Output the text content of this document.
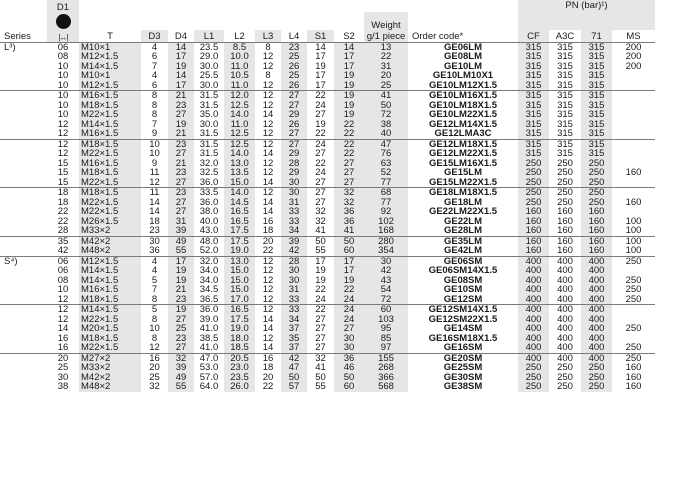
	D1												PN (bar)¹)			
											Weight					
Series	|↔|	T	D3	D4	L1	L2	L3	L4	S1	S2	g/1 piece	Order code*	CF	A3C	71	MS
L³)	06	M10×1	4	14	23.5	8.5	8	23	14	14	13	GE06LM	315	315	315	200
	08	M12×1.5	6	17	29.0	10.0	12	25	17	17	22	GE08LM	315	315	315	200
	10	M14×1.5	7	19	30.0	11.0	12	26	19	17	31	GE10LM	315	315	315	200
	10	M10×1	4	14	25.5	10.5	8	25	17	19	20	GE10LM10X1	315	315	315	
	10	M12×1.5	6	17	30.0	11.0	12	26	17	19	25	GE10LM12X1.5	315	315	315	
	10	M16×1.5	8	21	31.5	12.0	12	27	22	19	41	GE10LM16X1.5	315	315	315	
	10	M18×1.5	8	23	31.5	12.5	12	27	24	19	50	GE10LM18X1.5	315	315	315	
	10	M22×1.5	8	27	35.0	14.0	14	29	27	19	72	GE10LM22X1.5	315	315	315	
	12	M14×1.5	7	19	30.0	11.0	12	26	19	22	38	GE12LM14X1.5	315	315	315	
	12	M16×1.5	9	21	31.5	12.5	12	27	22	22	40	GE12LMA3C	315	315	315	
	12	M18×1.5	10	23	31.5	12.5	12	27	24	22	47	GE12LM18X1.5	315	315	315	
	12	M22×1.5	10	27	31.5	14.0	14	29	27	22	76	GE12LM22X1.5	315	315	315	
	15	M16×1.5	9	21	32.0	13.0	12	28	22	27	63	GE15LM16X1.5	250	250	250	
	15	M18×1.5	11	23	32.5	13.5	12	29	24	27	52	GE15LM	250	250	250	160
	15	M22×1.5	12	27	36.0	15.0	14	30	27	27	77	GE15LM22X1.5	250	250	250	
	18	M18×1.5	11	23	33.5	14.0	12	30	27	32	68	GE18LM18X1.5	250	250	250	
	18	M22×1.5	14	27	36.0	14.5	14	31	27	32	77	GE18LM	250	250	250	160
	22	M22×1.5	14	27	38.0	16.5	14	33	32	36	92	GE22LM22X1.5	160	160	160	
	22	M26×1.5	18	31	40.0	16.5	16	33	32	36	102	GE22LM	160	160	160	100
	28	M33×2	23	39	43.0	17.5	18	34	41	41	168	GE28LM	160	160	160	100
	35	M42×2	30	49	48.0	17.5	20	39	50	50	280	GE35LM	160	160	160	100
	42	M48×2	36	55	52.0	19.0	22	42	55	60	354	GE42LM	160	160	160	100
S⁴)	06	M12×1.5	4	17	32.0	13.0	12	28	17	17	30	GE06SM	400	400	400	250
	06	M14×1.5	4	19	34.0	15.0	12	30	19	17	42	GE06SM14X1.5	400	400	400	
	08	M14×1.5	5	19	34.0	15.0	12	30	19	19	43	GE08SM	400	400	400	250
	10	M16×1.5	7	21	34.5	15.0	12	31	22	22	54	GE10SM	400	400	400	250
	12	M18×1.5	8	23	36.5	17.0	12	33	24	24	72	GE12SM	400	400	400	250
	12	M14×1.5	5	19	36.0	16.5	12	33	22	24	60	GE12SM14X1.5	400	400	400	
	12	M22×1.5	8	27	39.0	17.5	14	34	27	24	103	GE12SM22X1.5	400	400	400	
	14	M20×1.5	10	25	41.0	19.0	14	37	27	27	95	GE14SM	400	400	400	250
	16	M18×1.5	8	23	38.5	18.0	12	35	27	30	85	GE16SM18X1.5	400	400	400	
	16	M22×1.5	12	27	41.0	18.5	14	37	27	30	97	GE16SM	400	400	400	250
	20	M27×2	16	32	47.0	20.5	16	42	32	36	155	GE20SM	400	400	400	250
	25	M33×2	20	39	53.0	23.0	18	47	41	46	268	GE25SM	250	250	250	160
	30	M42×2	25	49	57.0	23.5	20	50	50	50	366	GE30SM	250	250	250	160
	38	M48×2	32	55	64.0	26.0	22	57	55	60	568	GE38SM	250	250	250	160
